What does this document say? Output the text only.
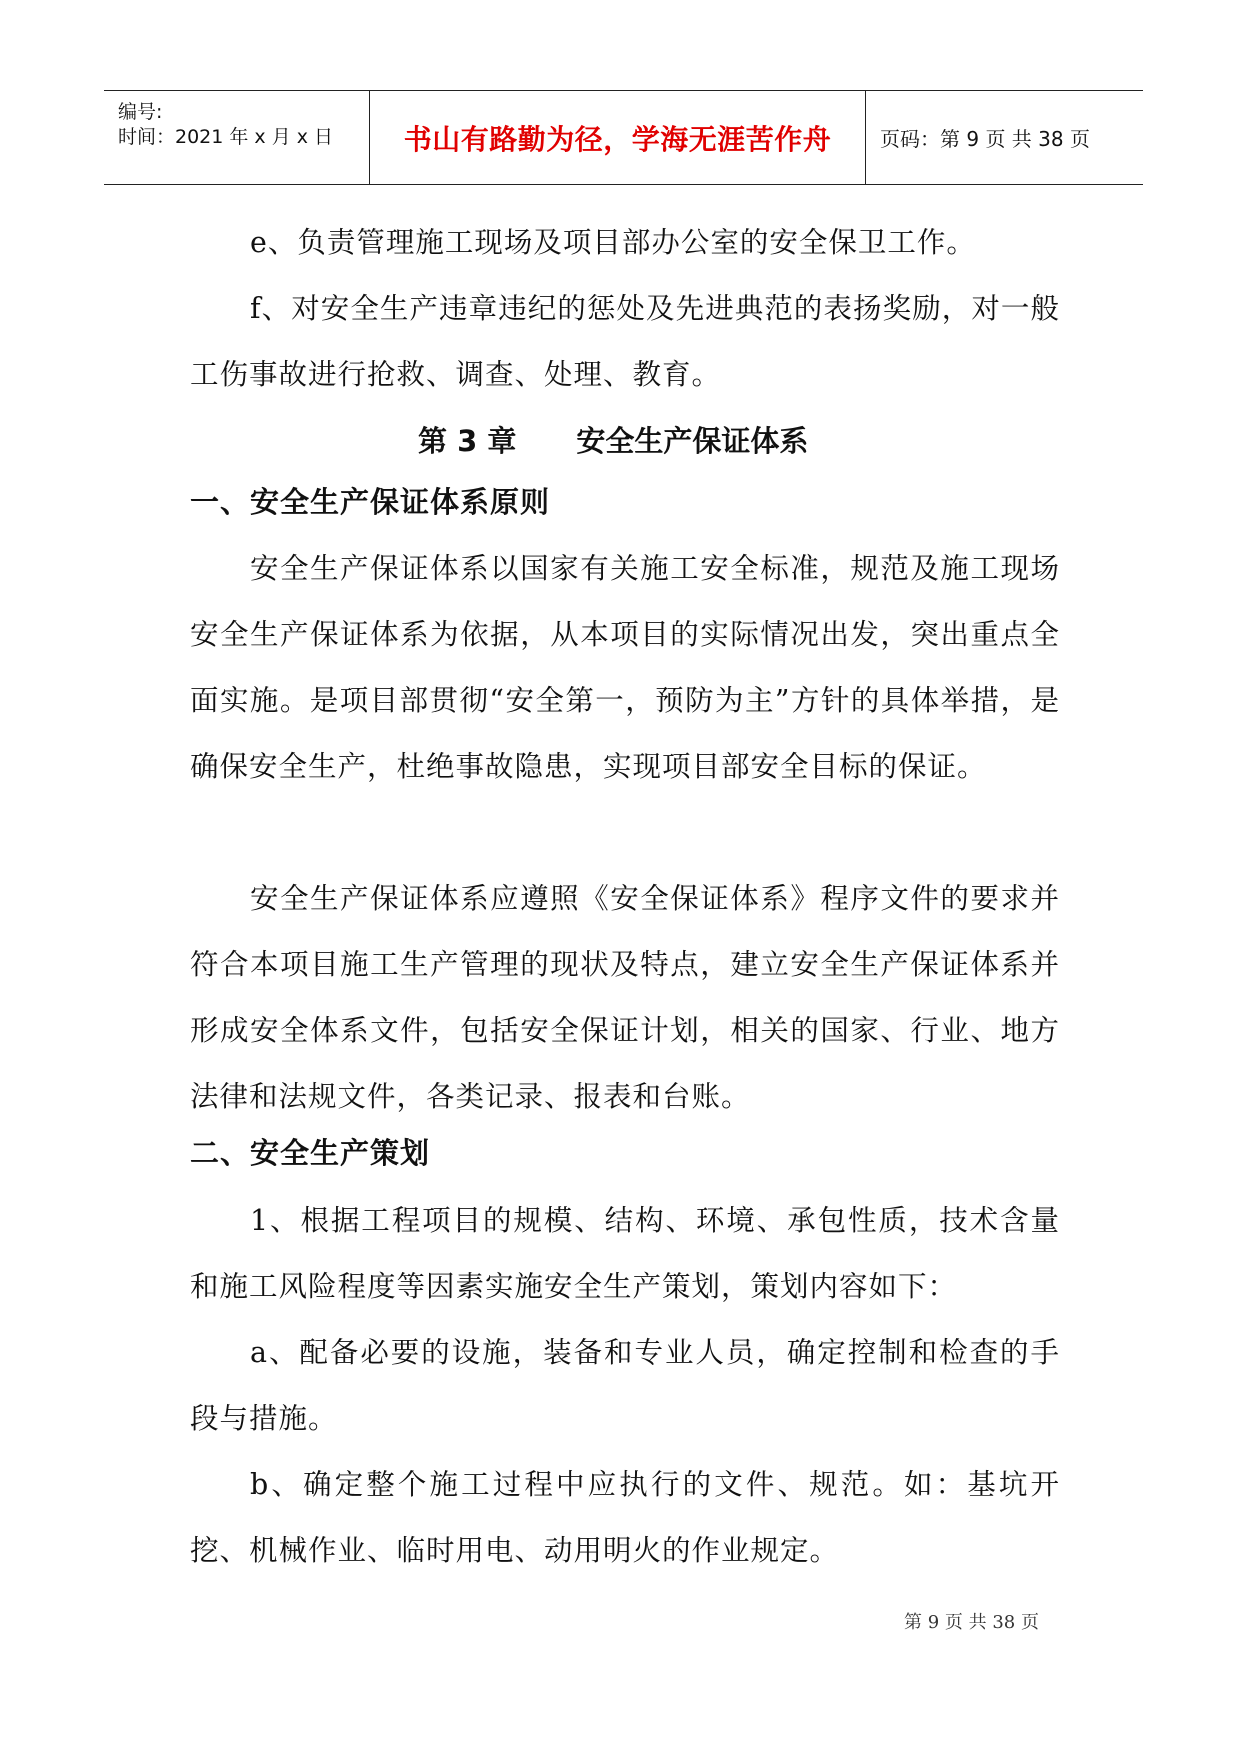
编号:
时间：2021 年 x 月 x 日	书山有路勤为径，学海无涯苦作舟 页码：第 9 页 共 38 页
e、负责管理施工现场及项目部办公室的安全保卫工作。
f、对安全生产违章违纪的惩处及先进典范的表扬奖励，对一般工伤事故进行抢救、调查、处理、教育。
第 3 章 安全生产保证体系
一、安全生产保证体系原则
安全生产保证体系以国家有关施工安全标准，规范及施工现场安全生产保证体系为依据，从本项目的实际情况出发，突出重点全面实施。是项目部贯彻“安全第一，预防为主”方针的具体举措，是确保安全生产，杜绝事故隐患，实现项目部安全目标的保证。
安全生产保证体系应遵照《安全保证体系》程序文件的要求并符合本项目施工生产管理的现状及特点，建立安全生产保证体系并形成安全体系文件，包括安全保证计划，相关的国家、行业、地方法律和法规文件，各类记录、报表和台账。
二、安全生产策划
1、根据工程项目的规模、结构、环境、承包性质，技术含量和施工风险程度等因素实施安全生产策划，策划内容如下：
a、配备必要的设施，装备和专业人员，确定控制和检查的手段与措施。
b、确定整个施工过程中应执行的文件、规范。如：基坑开挖、机械作业、临时用电、动用明火的作业规定。
第 9 页 共 38 页
